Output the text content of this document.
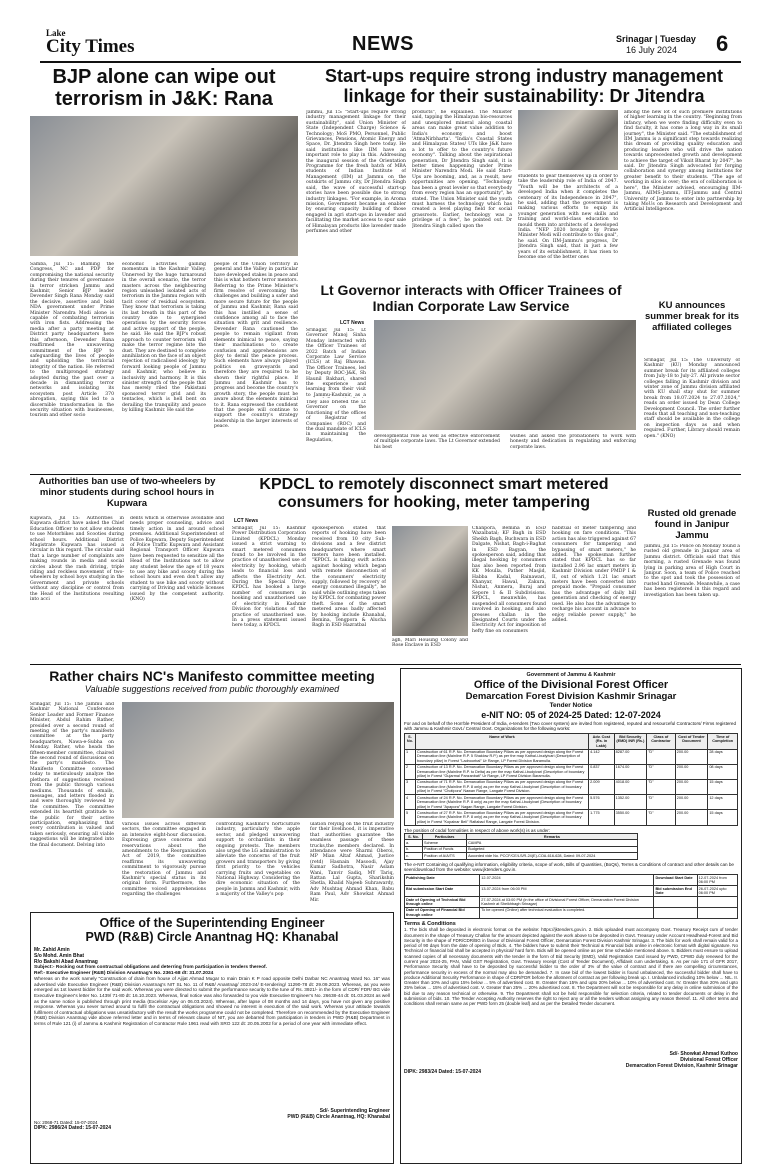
Lake
City Times	NEWS	Srinagar | Tuesday
16 July 2024 6
BJP alone can wipe out terrorism in J&K: Rana
Samba, Jul 15: Blaming the Congress, NC and PDP for compromising the national security during their tenures of governance in terror stricken Jammu and Kashmir, Senior BJP leader Devender Singh Rana Monday said the decisive, assertive and bold NDA government under Prime Minister Narendra Modi alone is capable of combating terrorism with iron fists. Addressing the media after a party meeting at District party headquarters here this afternoon, Devender Rana reaffirmed the unwavering commitment of the BJP to safeguarding the lives of people and upholding the territorial integrity of the nation. He referred to the multipronged strategy adopted during the past over a decade in dismantling terror networks and isolating its ecosystem post Article 370 abrogation, saying this led to a discernible transformation in the security situation with businesses, tourism and other socio
economic activities gaining momentum in the Kashmir Valley. Unnerved by the huge turnaround in the overall scenario, the terror masters across the neighbouring region unleashed isolated acts of terrorism in the Jammu region with tacit cover of residual ecosystem. They know that terrorism is taking its last breath in this part of the country due to synergised operations by the security forces and active support of the people, he said. He said the BJP's robust approach to counter terrorism will make the terror regime bite the dust. They are destined to complete annihilation on the face of an object rejection of radicalised ideology by forward looking people of Jammu and Kashmir, who believe in inclusivity and harmony. It is this sinister strength of the people that has merely riled the Pakistani sponsored terror grid and its tentacles, which is hell bent on derailing the tranquility and peace by killing Kashmir. He said the
people of the Union Territory in general and the Valley in particular have developed stakes in peace and this is what bothers terror mentors. Referring to the Prime Minister's firm resolve of overcoming the challenges and building a safer and more secure future for the people of Jammu and Kashmir, Rana said this has instilled a sense of confidence among all to face the situation with grit and resilience. Devender Rana cautioned the people to remain vigilant from elements inimical to peace, saying their machinations to create confusion and apprehensions are ploy to derail the peace process. Such elements have always played politics on graveyards and therefore they are required to be shown their rightful place. If Jammu and Kashmir has to progress and become the country's growth story, the people must be aware about the elements inimical to it. Rana expressed the confident that the people will continue to support the country's strategy leadership in the larger interests of peace.
Start-ups require strong industry management linkage for their sustainability: Dr Jitendra
Jammu, Jul 15: "Start-ups require strong industry management linkage for their sustainability", said Union Minister of State (Independent Charge) Science & Technology; MoS PMO, Personnel, Public Grievances, Pensions, Atomic Energy and Space, Dr. Jitendra Singh here today. He said institutions like IIM have an important role to play in this. Addressing the inaugural session of the Orientation Programme for the fresh batch of MBA students of Indian Institute of Management (IIM) at Jammu on the outskirts of Jammu city, Dr Jitendra Singh said, the wave of successful start-up stories have been possible due to strong industry linkages. "For example, in Aroma mission, Government became an enabler by ensuring capacity building of those engaged in agri start-ups in lavender and facilitating the market access to spur sale of Himalayan products like lavender made perfumes and other
products", he explained. The Minister said, tapping the Himalayan bio-resources and unexplored mineral along coastal areas can make great value addition to India's economy and boost 'AtmaNirbharta'. "India's Coastal States and Himalayan States/ UTs like J&K have a lot to offer to the country's future economy". Talking about the aspirational generation, Dr Jitendra Singh said, it is better times happening under Prime Minister Narendra Modi. He said Start-Ups are booming, and, as a result, new opportunities are opening. "Technology has been a great leveler so that everybody from every region has an opportunity", he stated. The Union Minister said the youth must harness the technology which has created a level playing field for social grassroots. Earlier, technology was a privilege of a few", he pointed out. Dr Jitendra Singh called upon the
students to gear themselves up in order to take the leadership role of India of 2047. "Youth will be the architects of a developed India when it completes the centenary of its Independence in 2047", he said, adding that the government is making various efforts to equip its younger generation with new skills and training and world-class education to mould them into architects of a developed India. "NEP 2020 brought by Prime Minister Modi will contribute to this goal", he said. On IIM-Jammu's progress, Dr Jitendra Singh said, that in just a few years of its establishment, it has risen to become one of the better ones
among the new lot of such premiere institutions of higher learning in the country. "Beginning from infancy, when we were finding difficulty even to find faculty, it has come a long way in its small journey", the Minister said. "The establishment of IIM Jammu is a significant step towards realizing this dream of providing quality education and producing leaders who will drive the nation towards unprecedented growth and development to achieve the target of Viksit Bharat by 2047", he said. Dr Jitendra Singh advocated for forging collaboration and synergy among institutions for greater benefit to their students. "The age of working in silos is over; the era of collaboration is here", the Minister advised, encouraging IIM-Jammu, AIIMS-Jammu, IIT-Jammu and Central University of Jammu to enter into partnership by taking MoUs on Research and Development and Artificial Intelligence.
Lt Governor interacts with Officer Trainees of Indian Corporate Law Service
LCT News
Srinagar, Jul 15: Lt Governor Manoj Sinha Monday interacted with the Officer Trainees of 2022 Batch of Indian Corporate Law Service (ICLS) at Raj Bhawan. The Officer Trainees, led by Deputy ROC-J&K, Sh Haunil Bakhari, shared the experience and learning from their visit to Jammu-Kashmir, as a
They also briefed the Lt Governor on the functioning of the offices of Registrar of Companies (ROC) and the dual mandate of ICLS in maintaining the Regulation,
developmental role as well as effective enforcement of multiple corporate laws. The Lt Governor extended his best
wishes and asked the probationers to work with honesty and dedication in regulating and enforcing corporate laws.
KU announces summer break for its affiliated colleges
Srinagar, Jul 15: The University of Kashmir (KU) Monday announced summer break for its affiliated colleges from July-18 to July-27. All private sector colleges falling in Kashmir division and winter zone of Jammu division affiliated with KU shall stay shut for summer break from 18.07.2024 to 27.07.2024," reads an order issued by Dean College Development Council. The order further reads that all teaching and non-teaching staff should be available in the college on inspection days as and when required. Further, Library should remain open." (KNO)
Authorities ban use of two-wheelers by minor students during school hours in Kupwara
Kupwara, Jul 15: Authorities in Kupwara district have asked the Chief Education Officer to not allow students to use Motorbikes and Scooties during school hours. Additional District Magistrate Kupwara has issued a circular in this regard. The circular said that a large number of complaints are making rounds in media and social circles about the rash driving, triple riding and reckless movement of two-wheelers by school boys studying in the Government and private schools without any discipline or control from the Head of the Institutions resulting into acci
dents which is otherwise avoidable and needs proper counseling, advice and timely action in and around school premises. Additional Superintendent of Police Kupwara, Deputy Superintendent of Police Traffic Kupwara and Assistant Regional Transport Officer Kupwara have been requested to sensitize all the Head of the Institutions not to allow any student below the age of 18 years to use any bike and scooty during the school hours and even don't allow any student to use bike and scooty without carrying of Driving and vehicle licenses issued by the competent authority. (KNO)
KPDCL to remotely disconnect smart metered consumers for hooking, meter tampering
LCT News
Srinagar, Jul 15: Kashmir Power Distribution Corporation Limited (KPDCL) Monday issued a strict warning to smart metered consumers found to be involved in the practice of unauthorised use of electricity by hooking, which leads to financial loss and affects the Electricity Act. During the Special Drive, KPDCL has booked a large number of consumers in hooking and unauthorised use of electricity in Kashmir Division for violations of the practice of unauthorised use. In a press statement issued here today, a KPDCL
spokesperson stated that reports of hooking have been received from 10 city Sub-divisions and a few district headquarters where smart meters have been installed. "KPDCL is taking swift action against hooking which began with remote disconnection of the consumers' electricity supply, followed by recovery of energy consumed illegally", he said while outlining steps taken by KPDCL for combating power theft. Some of the smart metered areas badly affected by hooking include Khanabal, Bemina, Tengpora & Alucha Bagh in ESD Hazratbal
Chanpora, Bemina in ESD Wazalbatal; KF Bagh in ESD Sheikh Bagh, Buchwara in ESD Dalgate, Nishat, Bagh-i-Baghat in ESD Bagyan, the spokesperson said, adding that illegal hooking by consumers has also been reported from KK Moulla, Pather Masjid, Habba Kadal, Rainawari, Khanyar, Hawal, Zakura, Nishat, Anmera, Buraj and Sepore 1 & II Subdivisions. KPDCL, meanwhile, has suspended all consumers found involved in hooking, and also presses challan in the Designated Courts under the Electricity Act for imposition of hefty fine on consumers
habitual of meter tampering and hooking on fare conditions. "This action has also triggered against 67 consumers for tampering and bypassing of smart meters," he added. The spokesman further stated that KPDCL has so far installed 2.96 lac smart meters in Kashmir Division under PMDP I & II, out of which 1.21 lac smart meters have been converted into prepaid mode. "Prepaid consumer has the advantage of daily bill generation and checking of energy used. He also has the advantage to recharge his account in advance to enjoy reliable power supply," he added.
agh, Mari Housing Colony and Rose Enclave in ESD
Rusted old grenade found in Janipur Jammu
Jammu, Jul 15: Police on Monday found a rusted old grenade in Janipur area of Jammu district. Officials said that this morning, a rusted Grenade was found lying in parking area of High Court in Janipur. Soon, a team of Police reached to the spot and took the possession of rusted hand Grenade. Meanwhile, a case has been registered in this regard and investigation has been taken up.
Rather chairs NC's Manifesto committee meeting
Valuable suggestions received from public thoroughly examined
Srinagar, Jul 15: The Jammu and Kashmir National Conference Senior Leader and Former Finance Minister, Abdul Rahim Rather, presided over a second round of meeting of the party's manifesto committee at the party headquarters, Nawa-e-Subha on Monday. Rather, who heads the fifteen-member committee, chaired the second round of discussions on the party's manifesto. The Manifesto Committee convened today to meticulously analyze the plethora of suggestions received from the public through various mediums. Thousands of emails, messages, and letters flooded in and were thoroughly reviewed by the committee. The committee extended its heartfelt gratitude to the public for their active participation, emphasizing that every contribution is valued and taken seriously, ensuring all viable suggestions will be integrated into the final document. Delving into
various issues across different sectors, the committee engaged in an intensive eight-hour discussion. Expressing grave concerns and reservations about the amendments to the Reorganisation Act of 2019, the committee reaffirms its unwavering commitment to vigorously pursue the restoration of Jammu and Kashmir's special status in its original form. Furthermore, the committee voiced apprehensions regarding the challenges
confronting Kashmir's horticulture industry, particularly the apple sector, and pledged unwavering support to orchardists in their ongoing protests. The members also urged the LG administration to alleviate the concerns of the fruit growers and transporters by giving first priority to the vehicles carrying fruits and vegetables on National Highway. Considering the dire economic situation of the people in Jammu and Kashmir, with a majority of the Valley's pop
ulation relying on the fruit industry for their livelihood, it is imperative that authorities guarantee the seamless passage of these trucks,the members declared. In attendance were Sharmi Oberoi, MP Mian Altaf Ahmad, Justice (retd) Hasnain Masoodi, Ajay Kumar Sadhotra, Nasir Aslam Wani, Tanvir Sadiq, MY Tariq, Rattan Lal Gupta, Sharikshin Shetla, Khalid Najeeb Suhrawardy, Adv Mushtaq Ahmad Khan, Babu Ram Paul, Adv Showkat Ahmad Mir.
Office of the Superintending Engineer
PWD (R&B) Circle Anantnag HQ: Khanabal
Mr. Zahid Amin
S/o Mohd. Amin Bhat
R/o Bakshi Abad Anantnag
Subject:- Rocking out from contractual obligations and deterring from participation in tenders thereof.
Ref:- Executive Engineer (R&B) Division Anantnag's No. 2361-68 dt: 31.07.2024
Whereas on the work namely "Construction of drain from house of Ajijat Ahmad Mugar to main Drain K P road opposite Delhi Darbar NC Anantnag Ward No. 16" was advertised vide Executive Engineer (R&B) Division Anantnag's NIT SL No. 11 of R&B/ Anantnag/ 2023-24/ E-tendering/ 11290-78 dt: 29.09.2023. Whereas, as you were emerged as 1st lowest bidder for the said work. Whereas you were directed to submit the performance security to the tune of Rs. 3921/- in the form of CDR/ FDR/ BG vide Executive Engineer's letter No. 1439/ 71-80 dt: 16.10.2023. Whereas, final notice was also forwarded to you vide Executive Engineer's No. 26638-44 dt: 01.03.2024 as well as the same notice is published through print media (Excelsior Ajey on 06.03.2024). Whereas, after lapse of 08 months and 14 days, you have not given any positive response. Whereas you never turned around to fulfil the contractual obligations and showed no interest in execution of the said work. Whereas your attitude towards fulfilment of contractual obligations was unsatisfactory with the result the works programme could not be completed. Therefore on recommended by the Executive Engineer (R&B) Division Anantnag vide above referred letter and in terms of relevant clause of NIT, you are debarred from participation in tenders in PWD (R&B) Department in terms of Rule 121 (i) of Jammu & Kashmir Registration of Contractor Rule 1961 read with SRO 122 dt: 20.05.2002 for a period of one year with immediate effect.
Sd/- Superintending Engineer
PWD (R&B) Circle Anantnag, HQ: Khanabal
No: 2068-71 Dated: 15-07-2024
DIPK: 2986/24 Dated: 15-07-2024
Government of Jammu & Kashmir
Office of the Divisional Forest Officer
Demarcation Forest Division Kashmir Srinagar
Tender Notice
e-NIT NO: 05 of 2024-25 Dated: 12-07-2024
For and on behalf of the Hon'ble President of India, e-tenders (Two cover system) are invited from registered, reputed and resourceful Contractors/ Firms registered with Jammu & Kashmir Govt./ Central Govt. Organizations for the following works:
S. No.	Name of Work	Adv. Cost (Rs. in Lakh)	Bid Security (EMD) INR (Rs.)	Class of Contractor	Cost of Tender Document	Time of Completion
1	Construction of 61 R.P. No. Demarcation Boundary Pillars as per approved design along the Forest Demarcation line (Mainline R.P. 5 Shaklow R.P.) as per the map Kathal-i-budyivari (Description of boundary pillar) in Forest "Ladnoorbal" Ur Range, LP Forest Division Baramulla.	4.142	8287.00	"D"	200.00	28 days
2	Construction of 13 R.P. No. Demarcation Boundary Pillars as per approved design along the Forest Demarcation line (Mainline R.P. to Delta) as per the map Kathal-i-budyivari (Description of boundary pillar) in Forest "Gujarmal Panzanbati" Ur Range, LP Forest Division Baramulla.	0.837	1674.00	"D"	200.00	08 days
3	Construction of 71 R.P. No. Demarcation Boundary Pillars as per approved design along the Forest Demarcation line (Mainline R.P. 8 only) as per the map Kathal-i-budyivari (Description of boundary pillar) in Forest "Chotipora" Nawan Range, Langate Forest Division.	2.009	4018.00	"D"	200.00	15 days
4	Construction of 24 R.P. No. Demarcation Boundary Pillars as per approved design along the Forest Demarcation line (Mainline R.P. 8 only) as per the map Kathal-i-budyivari (Description of boundary pillar) in Forest "Apapora" Nagan Range, Langate Forest Division.	5.576	1352.00	"D"	200.00	12 days
5	Construction of 27 R.P. No. Demarcation Boundary Pillars as per approved design along the Forest Demarcation line (Mainline R.P. 8 only) as per the map Kathal-i-budyivari (Description of boundary pillar) in Forest "Kopalnar Beli" Rafiabad Range, Langate Forest Division.	1.775	3550.00	"D"	200.00	15 days
The position of codal formalities in respect of above work(s) is as under:
S. No.	Particulars	Remarks
a.	Scheme	CAMPA
b.	Position of Funds	Budgeted
c.	Position of A/A/TS	Accorded vide No. PCCF/CE/LS/R-24(E)-COA-616-628, Dated: 09-07-2024
The e-NIT Containing of qualifying information, eligibility criteria, scope of work, Bills of Quantities, (BoQs), Terms & Conditions of contract and other details can be seen/download from the website: www.jktenders.gov.in.
Publishing Date	12-07-2024	Download Start Date	12-07-2024 from 06:00 PM
Bid submission Start Date	13-07-2024 from 06:00 PM	Bid submission End Date	26-07-2024 upto 06:00 PM
Date of Opening of Technical Bid through online	27-07-2024 at 03:00 PM (in the office of Divisional Forest Officer, Demarcation Forest Division Kashmir at Sheikhbagh Srinagar)		
Date of Opening of Financial Bid through online	To be opened (Online) after technical evaluation is completed.		
Terms & Conditions
1. The bids shall be deposited in electronic format on the website: https://jktenders.gov.in. 2. Bids uploaded must accompany Govt. Treasury Receipt cum of tender document in the shape of Treasury Challan for the amount depicted against the work above to be deposited in Govt. Treasury under Account Headhead-Forest and Bid Security in the shape of FDR/CDR/BG in favour of Divisional Forest Officer, Demarcation Forest Division Kashmir Srinagar. 3. The bids for work shall remain valid for a period of 90 days from the date of opening of Bids. 4. The bidders have to submit their Technical & Financial bids online in electronic format with digital signature. No Technical or financial bid shall be accepted in physical/ hard form. Bids will be opened online as per time schedule mentioned above. 5. Bidders must ensure to upload scanned copies of all necessary documents with the tender in the form of Bid Security (EMD), Valid Registration Card issued by PWD, CPWD duly renewed for the current year 2024-25, PAN, Valid GST Registration, Govt. Treasury receipt (Cost of Tender Document), Affidavit cum undertaking. 6. As per rule 171 of GFR 2017, Performance Security shall have to be deposited by successful bidder to the order of 3% of the value of contract and if there are compelling circumstances, performance security in excess of the normal may also be demanded. 7. In case bid of the lowest bidder is found unbalanced, the successful bidder shall have to produce Additional Security Performance in shape of CDR/FDR before the allotment of contract as per following break up. I. Unbalanced including 10% below ... NIL. II. Greater than 10% and upto 15% below ... 5% of advertised cost. III. Greater than 15% and upto 20% below ... 10% of advertised cost. IV. Greater than 20% and upto 25% below ... 15% of advertised cost. V. Greater than 25% ... 20% advertised cost. 8. The Department will not be responsible for any delay in online submission of the bid due to any reason technical or otherwise. 9. The Department shall not be held responsible for selection criteria, related to tender documents or delay in the submission of bids. 10. The Tender Accepting Authority reserves the right to reject any or all the tenders without assigning any reason thereof. 11. All other terms and conditions shall remain same as per PWD form 25 (double leaf) and as per the Detailed Tender document.
Sd/- Showkat Ahmad Kuthoo
Divisional Forest Officer
Demarcation Forest Division, Kashmir Srinagar
DIPK: 2983/24 Dated: 15-07-2024
